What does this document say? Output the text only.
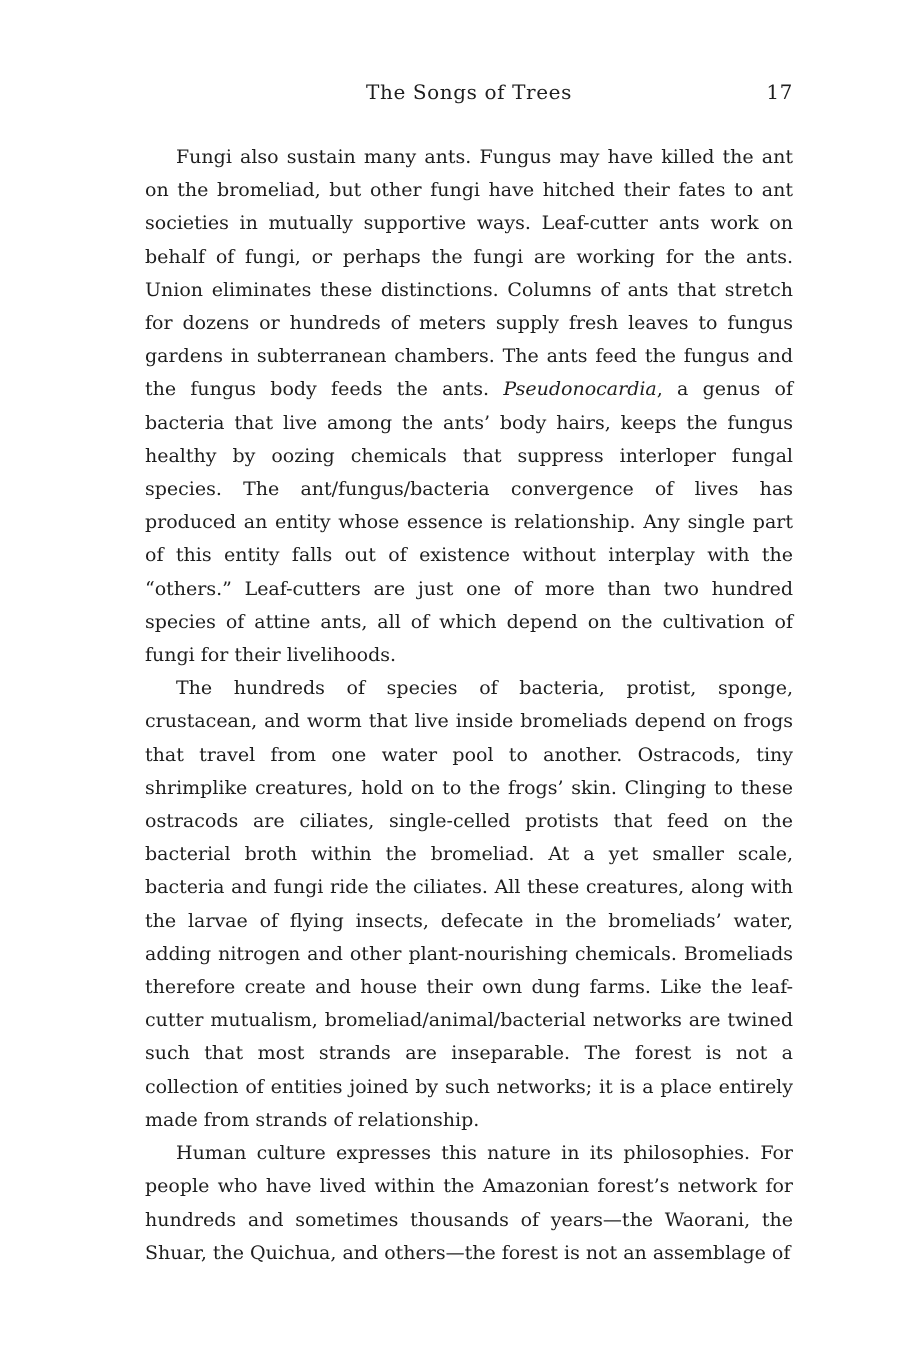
The Songs of Trees	17

Fungi also sustain many ants. Fungus may have killed the ant on the bromeliad, but other fungi have hitched their fates to ant societies in mutually supportive ways. Leaf-cutter ants work on behalf of fungi, or perhaps the fungi are working for the ants. Union eliminates these distinctions. Columns of ants that stretch for dozens or hundreds of meters supply fresh leaves to fungus gardens in subterranean chambers. The ants feed the fungus and the fungus body feeds the ants. Pseudonocardia, a genus of bacteria that live among the ants’ body hairs, keeps the fungus healthy by oozing chemicals that suppress interloper fungal species. The ant/fungus/bacteria convergence of lives has produced an entity whose essence is relationship. Any single part of this entity falls out of existence without interplay with the “others.” Leaf-cutters are just one of more than two hundred species of attine ants, all of which depend on the cultivation of fungi for their livelihoods.

The hundreds of species of bacteria, protist, sponge, crustacean, and worm that live inside bromeliads depend on frogs that travel from one water pool to another. Ostracods, tiny shrimplike creatures, hold on to the frogs’ skin. Clinging to these ostracods are ciliates, single-celled protists that feed on the bacterial broth within the bromeliad. At a yet smaller scale, bacteria and fungi ride the ciliates. All these creatures, along with the larvae of flying insects, defecate in the bromeliads’ water, adding nitrogen and other plant-nourishing chemicals. Bromeliads therefore create and house their own dung farms. Like the leaf-cutter mutualism, bromeliad/animal/bacterial networks are twined such that most strands are inseparable. The forest is not a collection of entities joined by such networks; it is a place entirely made from strands of relationship.

Human culture expresses this nature in its philosophies. For people who have lived within the Amazonian forest’s network for hundreds and sometimes thousands of years—the Waorani, the Shuar, the Quichua, and others—the forest is not an assemblage of
